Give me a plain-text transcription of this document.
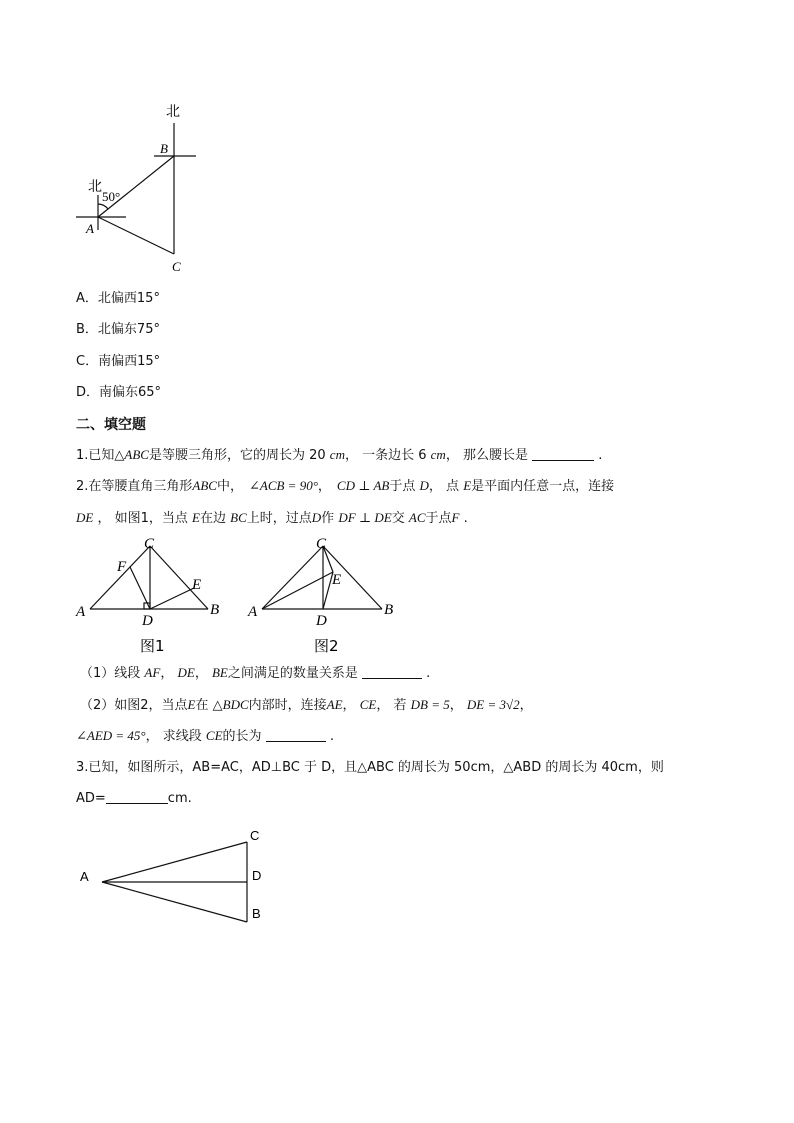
北
北
50°
A
B
C
A．北偏西15°
B．北偏东75°
C．南偏西15°
D．南偏东65°
二、填空题
1.已知△ABC是等腰三角形，它的周长为 20 cm， 一条边长 6 cm， 那么腰长是	.
2.在等腰直角三角形ABC中， ∠ACB = 90°， CD ⊥ AB于点 D， 点 E是平面内任意一点，连接
DE ， 如图1，当点 E在边 BC上时，过点D作 DF ⊥ DE交 AC于点F .
C
F
E
A	B
D
图1
C
E
A	B
D
图2
（1）线段 AF， DE， BE之间满足的数量关系是	.
（2）如图2，当点E在 △BDC内部时，连接AE， CE， 若 DB = 5， DE = 3√2，
∠AED = 45°， 求线段 CE的长为	.
3.已知，如图所示，AB=AC，AD⊥BC 于 D，且△ABC 的周长为 50cm，△ABD 的周长为 40cm，则
AD=	cm.
A
C
D
B
